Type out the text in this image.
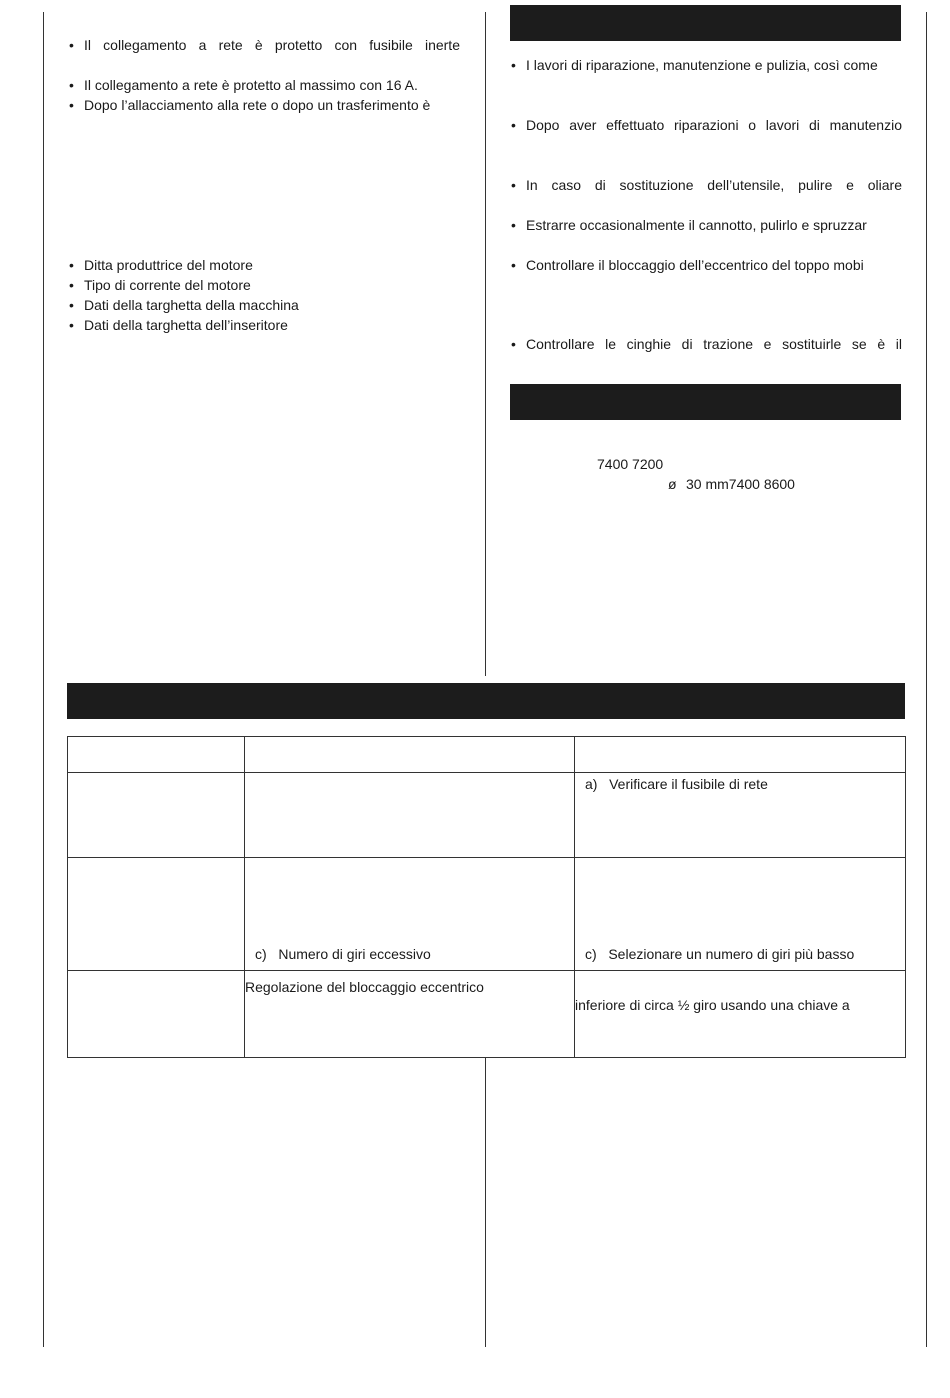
• Il collegamento a rete è protetto con fusibile inerte
• Il collegamento a rete è protetto al massimo con 16 A.
• Dopo l’allacciamento alla rete o dopo un trasferimento è
• Ditta produttrice del motore
• Tipo di corrente del motore
• Dati della targhetta della macchina
• Dati della targhetta dell’inseritore
• I lavori di riparazione, manutenzione e pulizia, così come
• Dopo aver effettuato riparazioni o lavori di manutenzio
• In caso di sostituzione dell’utensile, pulire e oliare
• Estrarre occasionalmente il cannotto, pulirlo e spruzzar
• Controllare il bloccaggio dell’eccentrico del toppo mobi
• Controllare le cinghie di trazione e sostituirle se è il
7400 7200
ø 30 mm7400 8600

		a)   Verificare il fusibile di rete

	c)   Numero di giri eccessivo	c)   Selezionare un numero di giri più basso

	Regolazione del bloccaggio eccentrico	inferiore di circa ½ giro usando una chiave a
